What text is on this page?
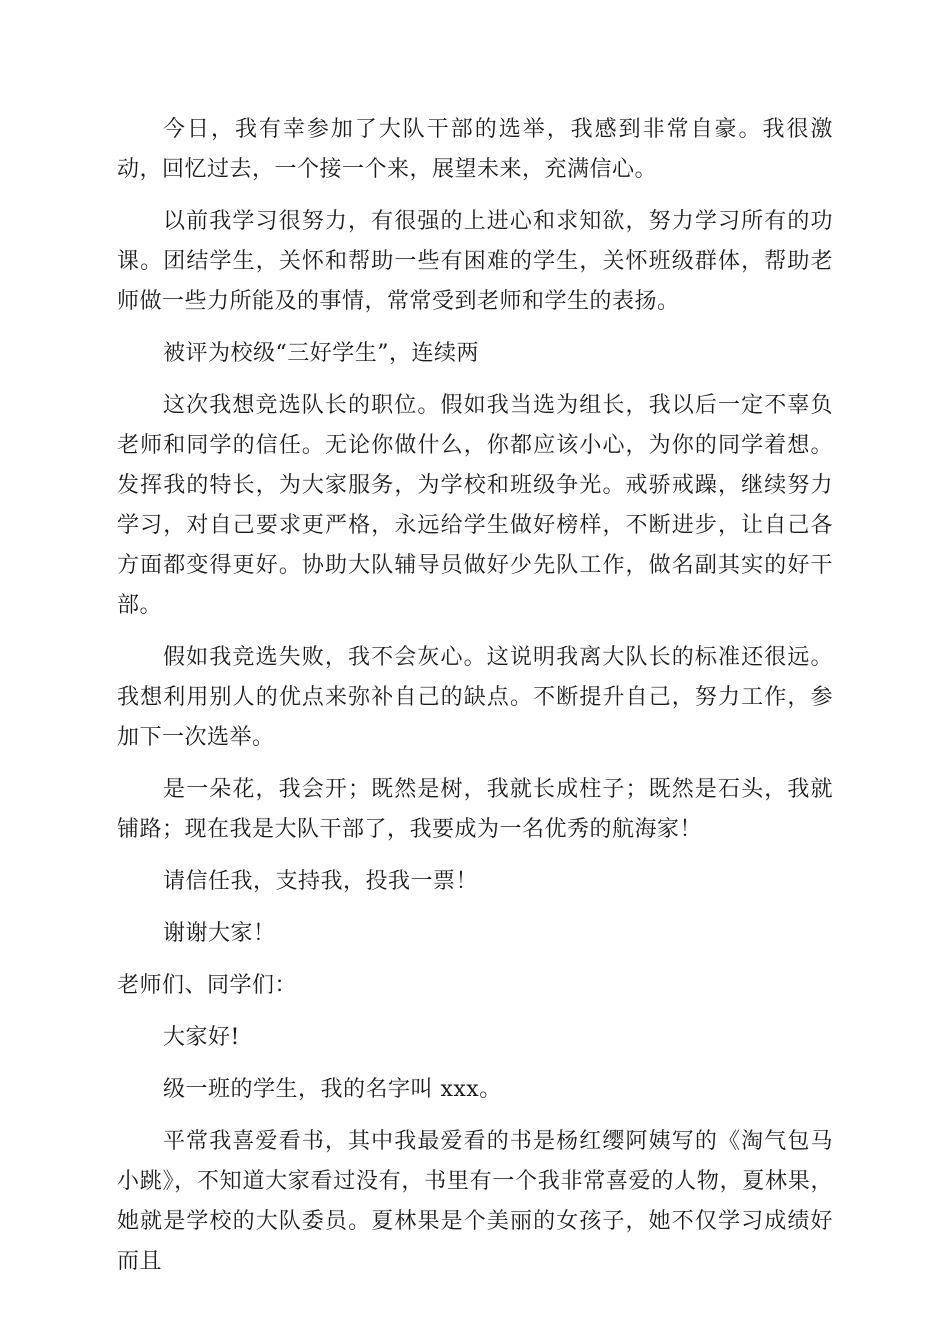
今日，我有幸参加了大队干部的选举，我感到非常自豪。我很激动，回忆过去，一个接一个来，展望未来，充满信心。

以前我学习很努力，有很强的上进心和求知欲，努力学习所有的功课。团结学生，关怀和帮助一些有困难的学生，关怀班级群体，帮助老师做一些力所能及的事情，常常受到老师和学生的表扬。

被评为校级“三好学生”，连续两

这次我想竞选队长的职位。假如我当选为组长，我以后一定不辜负老师和同学的信任。无论你做什么，你都应该小心，为你的同学着想。发挥我的特长，为大家服务，为学校和班级争光。戒骄戒躁，继续努力学习，对自己要求更严格，永远给学生做好榜样，不断进步，让自己各方面都变得更好。协助大队辅导员做好少先队工作，做名副其实的好干部。

假如我竞选失败，我不会灰心。这说明我离大队长的标准还很远。我想利用别人的优点来弥补自己的缺点。不断提升自己，努力工作，参加下一次选举。

是一朵花，我会开；既然是树，我就长成柱子；既然是石头，我就铺路；现在我是大队干部了，我要成为一名优秀的航海家！

请信任我，支持我，投我一票！

谢谢大家！

老师们、同学们：

大家好!

级一班的学生，我的名字叫 xxx。

平常我喜爱看书，其中我最爱看的书是杨红缨阿姨写的《淘气包马小跳》，不知道大家看过没有，书里有一个我非常喜爱的人物，夏林果，她就是学校的大队委员。夏林果是个美丽的女孩子，她不仅学习成绩好而且
